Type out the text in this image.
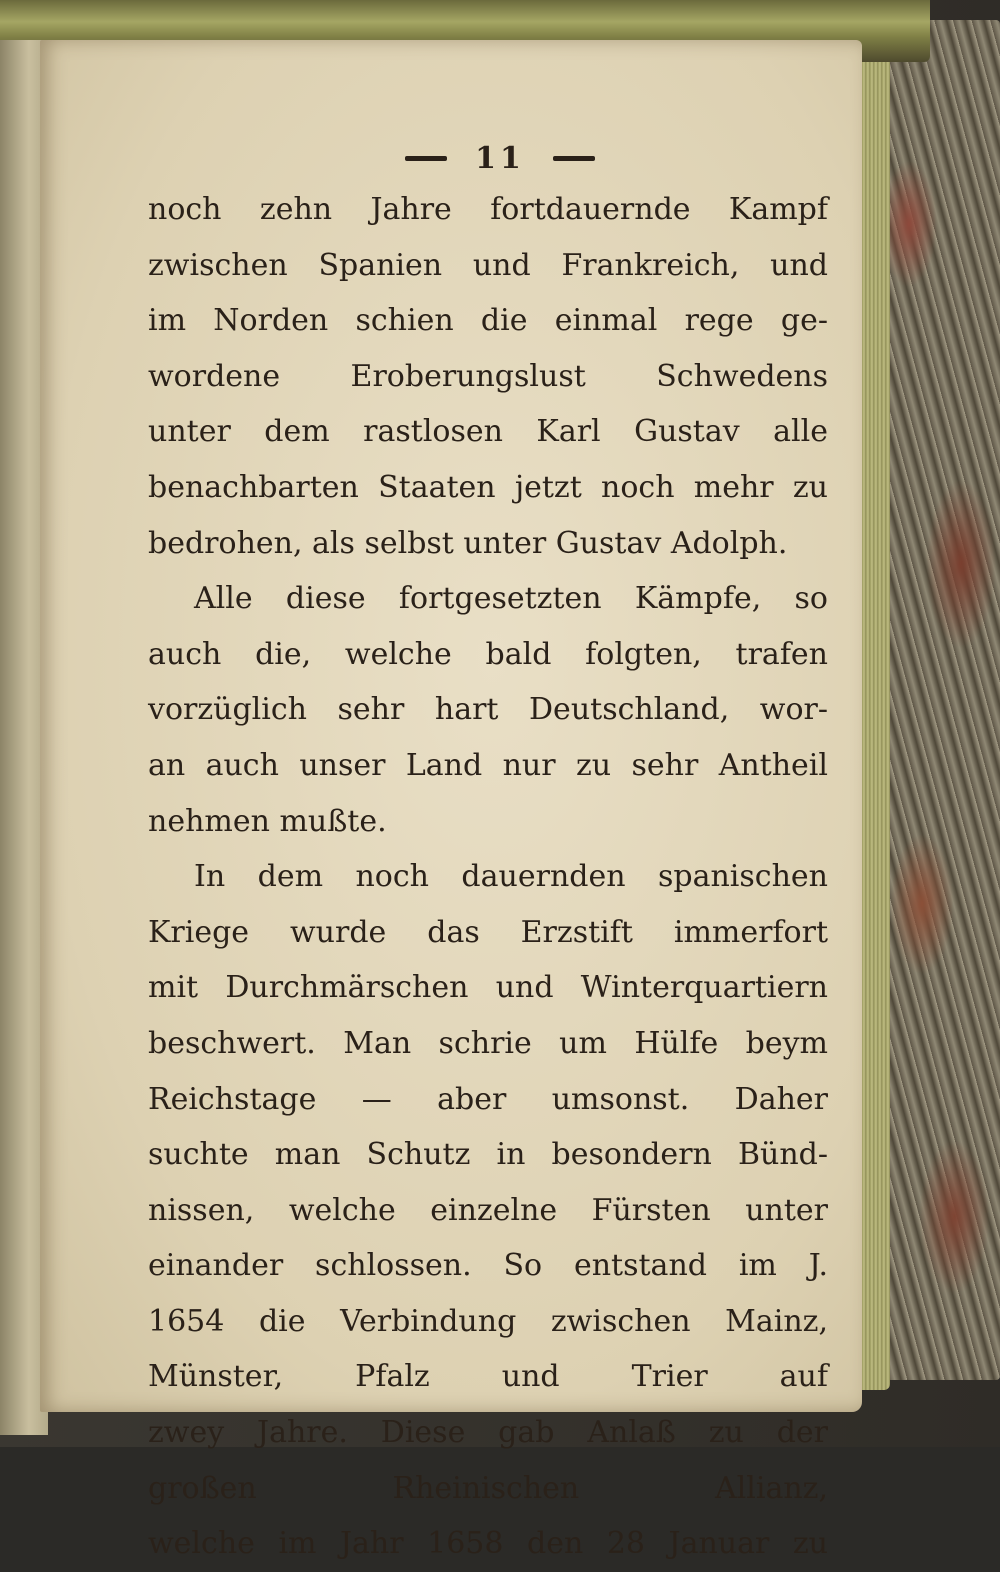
11
noch zehn Jahre fortdauernde Kampf
zwischen Spanien und Frankreich, und
im Norden schien die einmal rege ge-
wordene Eroberungslust Schwedens
unter dem rastlosen Karl Gustav alle
benachbarten Staaten jetzt noch mehr zu
bedrohen, als selbst unter Gustav Adolph.
Alle diese fortgesetzten Kämpfe, so
auch die, welche bald folgten, trafen
vorzüglich sehr hart Deutschland, wor-
an auch unser Land nur zu sehr Antheil
nehmen mußte.
In dem noch dauernden spanischen
Kriege wurde das Erzstift immerfort
mit Durchmärschen und Winterquartiern
beschwert. Man schrie um Hülfe beym
Reichstage — aber umsonst. Daher
suchte man Schutz in besondern Bünd-
nissen, welche einzelne Fürsten unter
einander schlossen. So entstand im J.
1654 die Verbindung zwischen Mainz,
Münster, Pfalz und Trier auf
zwey Jahre. Diese gab Anlaß zu der
großen Rheinischen Allianz,
welche im Jahr 1658 den 28 Januar zu
